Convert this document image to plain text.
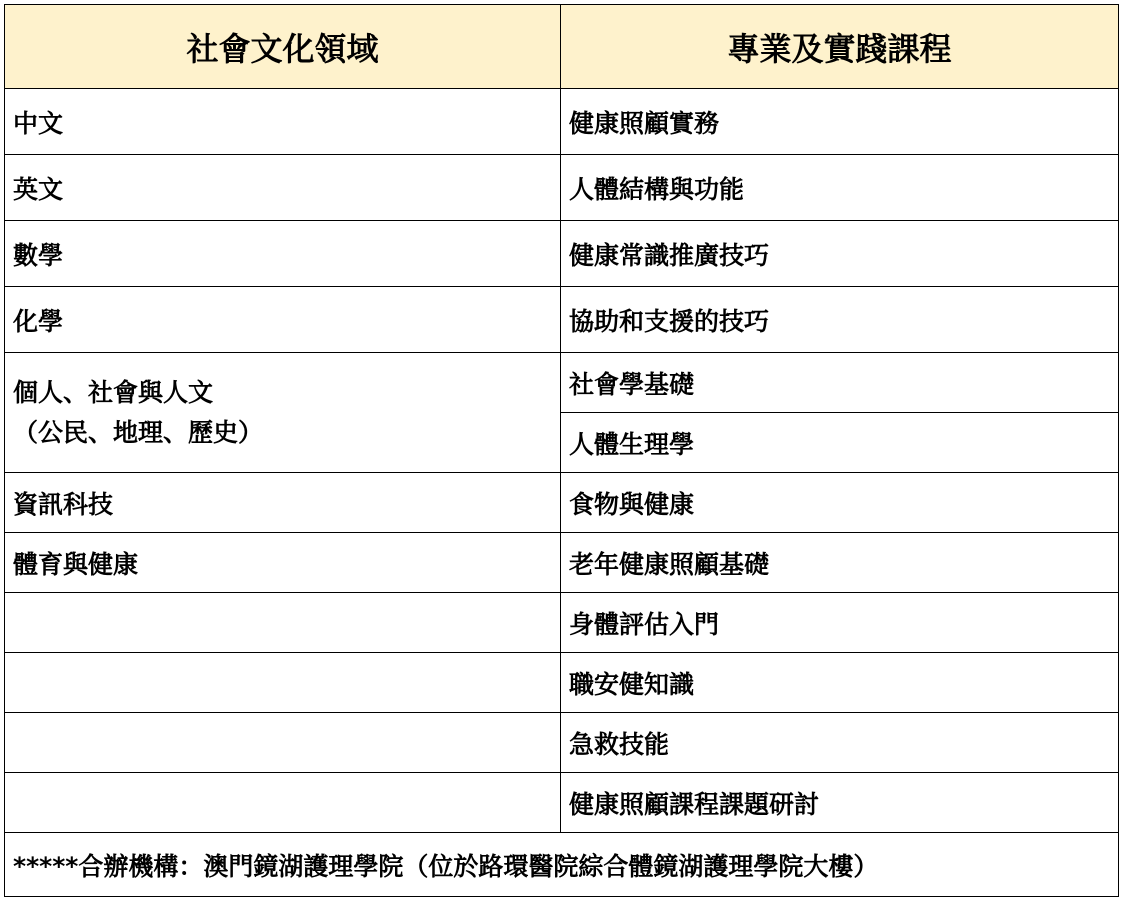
社會文化領域	專業及實踐課程
中文	健康照顧實務
英文	人體結構與功能
數學	健康常識推廣技巧
化學	協助和支援的技巧

個人、社會與人文
（公民、地理、歷史）	社會學基礎
	人體生理學
資訊科技	食物與健康
體育與健康	老年健康照顧基礎
	身體評估入門
	職安健知識
	急救技能
	健康照顧課程課題研討
*****合辦機構：澳門鏡湖護理學院（位於路環醫院綜合體鏡湖護理學院大樓）	
